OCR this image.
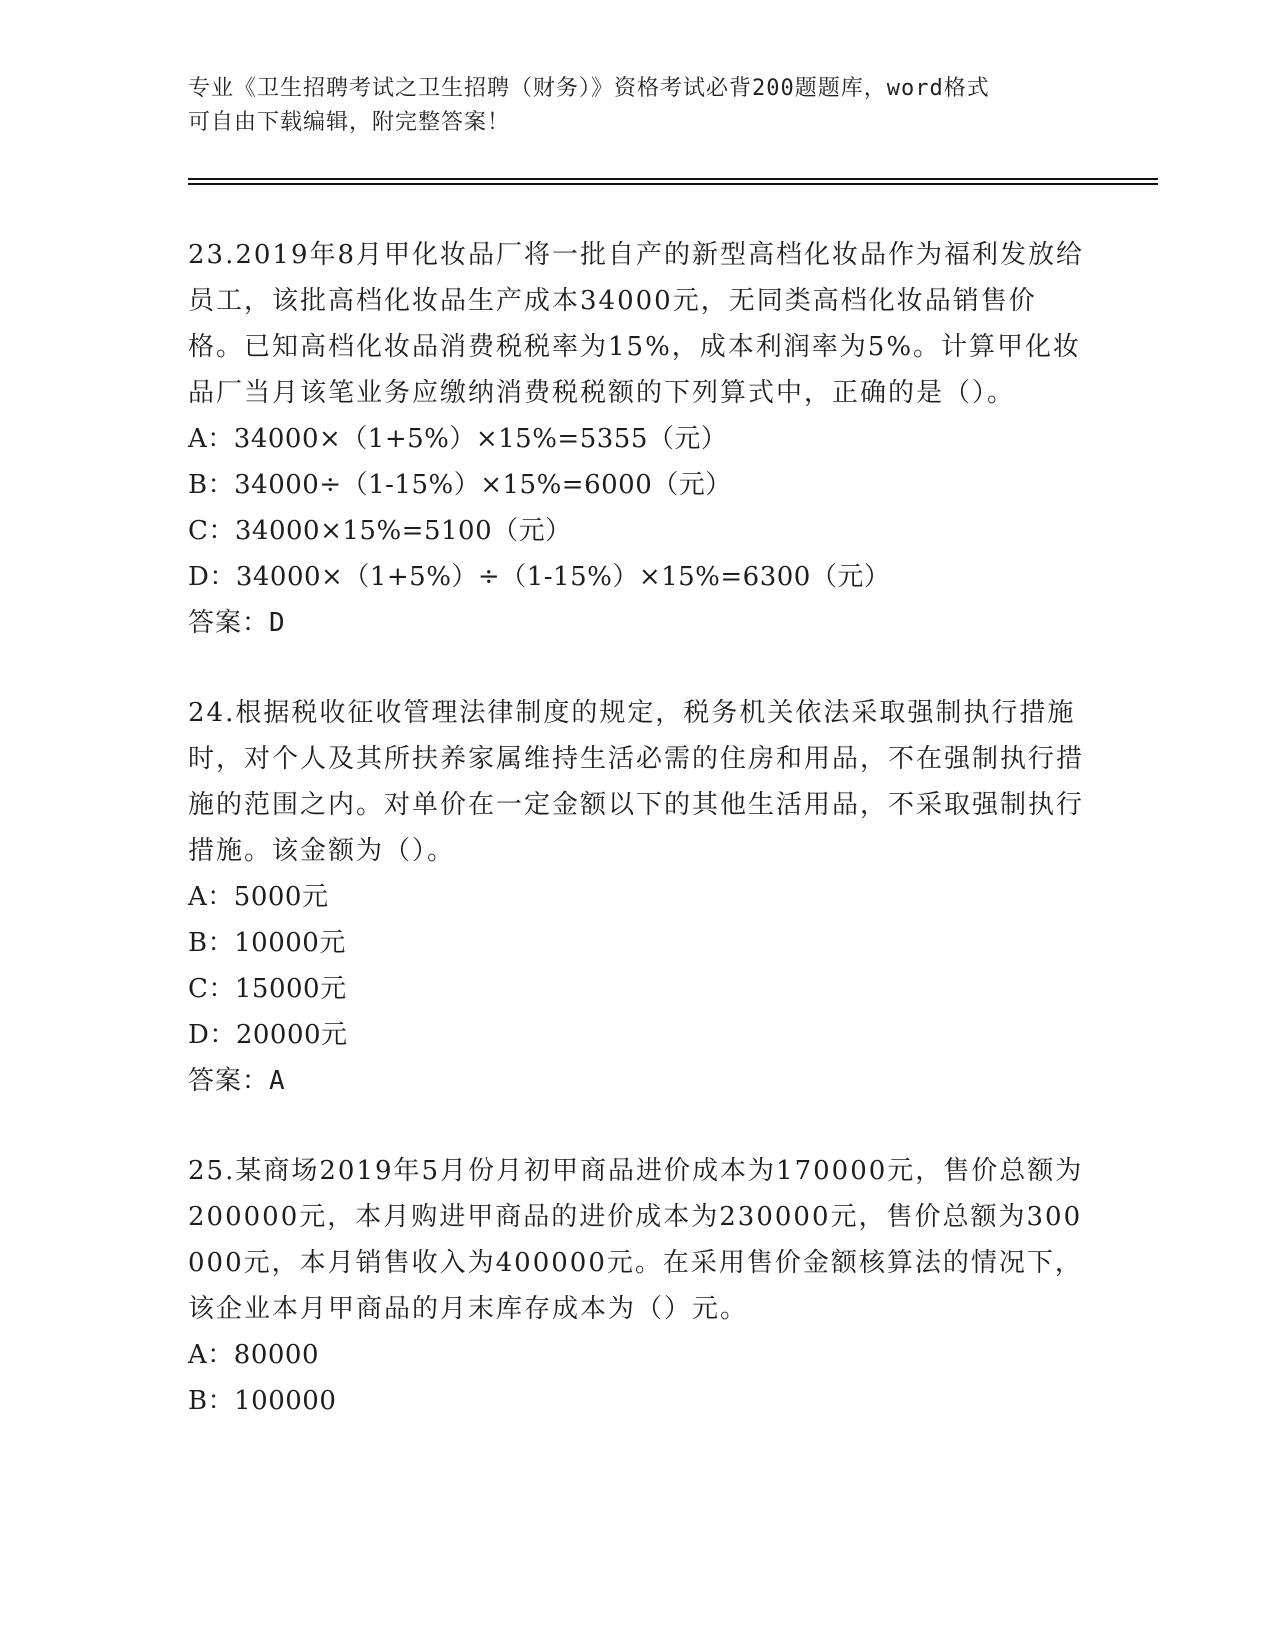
专业《卫生招聘考试之卫生招聘（财务）》资格考试必背200题题库，word格式
可自由下载编辑，附完整答案！

23.2019年8月甲化妆品厂将一批自产的新型高档化妆品作为福利发放给员工，该批高档化妆品生产成本34000元，无同类高档化妆品销售价格。已知高档化妆品消费税税率为15%，成本利润率为5%。计算甲化妆品厂当月该笔业务应缴纳消费税税额的下列算式中，正确的是（）。

A：34000×（1+5%）×15%=5355（元）

B：34000÷（1-15%）×15%=6000（元）

C：34000×15%=5100（元）

D：34000×（1+5%）÷（1-15%）×15%=6300（元）

答案：D

24.根据税收征收管理法律制度的规定，税务机关依法采取强制执行措施时，对个人及其所扶养家属维持生活必需的住房和用品，不在强制执行措施的范围之内。对单价在一定金额以下的其他生活用品，不采取强制执行措施。该金额为（）。

A：5000元

B：10000元

C：15000元

D：20000元

答案：A

25.某商场2019年5月份月初甲商品进价成本为170000元，售价总额为200000元，本月购进甲商品的进价成本为230000元，售价总额为300000元，本月销售收入为400000元。在采用售价金额核算法的情况下，该企业本月甲商品的月末库存成本为（）元。

A：80000

B：100000
